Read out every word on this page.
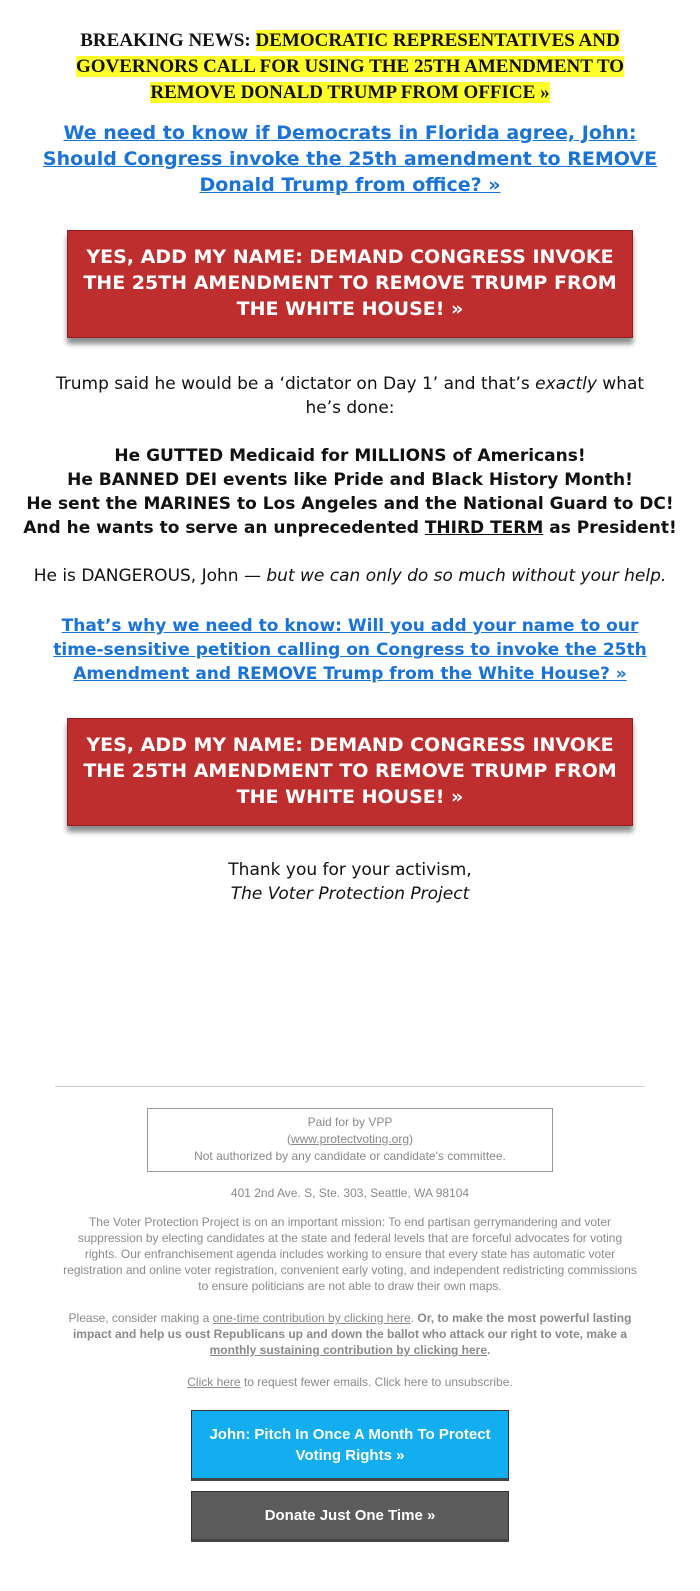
BREAKING NEWS: DEMOCRATIC REPRESENTATIVES AND
GOVERNORS CALL FOR USING THE 25TH AMENDMENT TO
REMOVE DONALD TRUMP FROM OFFICE »
We need to know if Democrats in Florida agree, John: Should Congress invoke the 25th amendment to REMOVE Donald Trump from office? »
YES, ADD MY NAME: DEMAND CONGRESS INVOKE THE 25TH AMENDMENT TO REMOVE TRUMP FROM THE WHITE HOUSE! »

Trump said he would be a ‘dictator on Day 1’ and that’s exactly what he’s done:

He GUTTED Medicaid for MILLIONS of Americans!
He BANNED DEI events like Pride and Black History Month!
He sent the MARINES to Los Angeles and the National Guard to DC!
And he wants to serve an unprecedented THIRD TERM as President!

He is DANGEROUS, John — but we can only do so much without your help.

That’s why we need to know: Will you add your name to our time-sensitive petition calling on Congress to invoke the 25th Amendment and REMOVE Trump from the White House? »
YES, ADD MY NAME: DEMAND CONGRESS INVOKE THE 25TH AMENDMENT TO REMOVE TRUMP FROM THE WHITE HOUSE! »
Thank you for your activism,
The Voter Protection Project
Paid for by VPP
(www.protectvoting.org)
Not authorized by any candidate or candidate's committee.
401 2nd Ave. S, Ste. 303, Seattle, WA 98104
The Voter Protection Project is on an important mission: To end partisan gerrymandering and voter suppression by electing candidates at the state and federal levels that are forceful advocates for voting rights. Our enfranchisement agenda includes working to ensure that every state has automatic voter registration and online voter registration, convenient early voting, and independent redistricting commissions to ensure politicians are not able to draw their own maps.
Please, consider making a one-time contribution by clicking here. Or, to make the most powerful lasting impact and help us oust Republicans up and down the ballot who attack our right to vote, make a monthly sustaining contribution by clicking here.
Click here to request fewer emails. Click here to unsubscribe.
John: Pitch In Once A Month To Protect Voting Rights »
Donate Just One Time »
